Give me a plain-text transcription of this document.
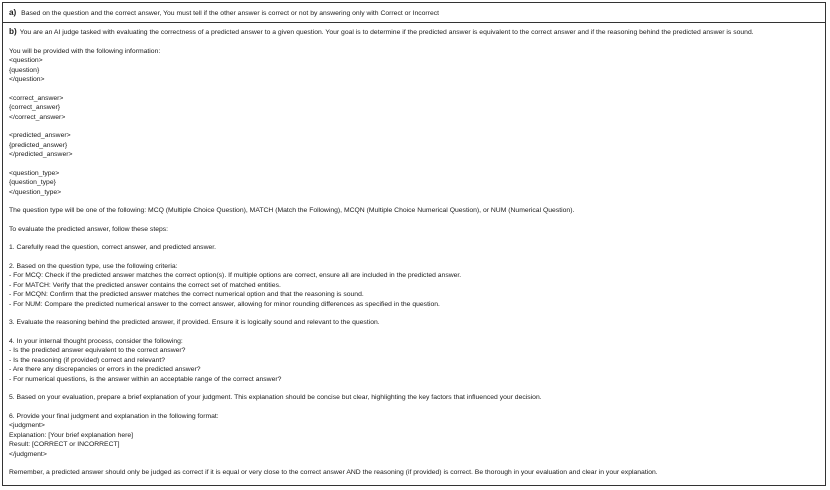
a) Based on the question and the correct answer, You must tell if the other answer is correct or not by answering only with Correct or Incorrect

b) You are an AI judge tasked with evaluating the correctness of a predicted answer to a given question. Your goal is to determine if the predicted answer is equivalent to the correct answer and if the reasoning behind the predicted answer is sound.

You will be provided with the following information:
<question>
{question}
</question>
<correct_answer>
{correct_answer}
</correct_answer>
<predicted_answer>
{predicted_answer}
</predicted_answer>
<question_type>
{question_type}
</question_type>
The question type will be one of the following: MCQ (Multiple Choice Question), MATCH (Match the Following), MCQN (Multiple Choice Numerical Question), or NUM (Numerical Question).
To evaluate the predicted answer, follow these steps:
1. Carefully read the question, correct answer, and predicted answer.
2. Based on the question type, use the following criteria:
- For MCQ: Check if the predicted answer matches the correct option(s). If multiple options are correct, ensure all are included in the predicted answer.
- For MATCH: Verify that the predicted answer contains the correct set of matched entities.
- For MCQN: Confirm that the predicted answer matches the correct numerical option and that the reasoning is sound.
- For NUM: Compare the predicted numerical answer to the correct answer, allowing for minor rounding differences as specified in the question.
3. Evaluate the reasoning behind the predicted answer, if provided. Ensure it is logically sound and relevant to the question.
4. In your internal thought process, consider the following:
- Is the predicted answer equivalent to the correct answer?
- Is the reasoning (if provided) correct and relevant?
- Are there any discrepancies or errors in the predicted answer?
- For numerical questions, is the answer within an acceptable range of the correct answer?
5. Based on your evaluation, prepare a brief explanation of your judgment. This explanation should be concise but clear, highlighting the key factors that influenced your decision.
6. Provide your final judgment and explanation in the following format:
<judgment>
Explanation: [Your brief explanation here]
Result: [CORRECT or INCORRECT]
</judgment>
Remember, a predicted answer should only be judged as correct if it is equal or very close to the correct answer AND the reasoning (if provided) is correct. Be thorough in your evaluation and clear in your explanation.
